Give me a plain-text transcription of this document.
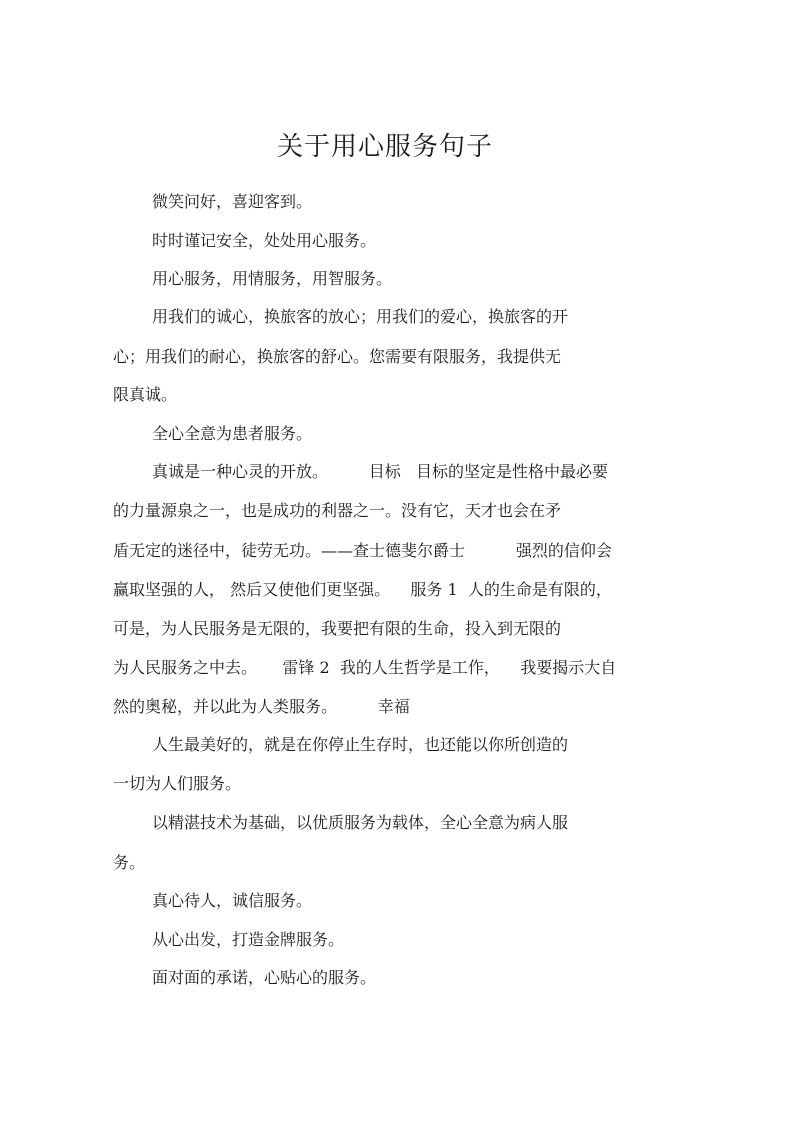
关于用心服务句子
微笑问好，喜迎客到。
时时谨记安全，处处用心服务。
用心服务，用情服务，用智服务。
用我们的诚心，换旅客的放心；用我们的爱心，换旅客的开
心；用我们的耐心，换旅客的舒心。您需要有限服务，我提供无
限真诚。
全心全意为患者服务。
真诚是一种心灵的开放。        目标   目标的坚定是性格中最必要
的力量源泉之一，也是成功的利器之一。没有它，天才也会在矛
盾无定的迷径中，徒劳无功。——查士德斐尔爵士          强烈的信仰会
赢取坚强的人， 然后又使他们更坚强。    服务 1  人的生命是有限的，
可是，为人民服务是无限的，我要把有限的生命，投入到无限的
为人民服务之中去。     雷锋 2  我的人生哲学是工作，    我要揭示大自
然的奥秘，并以此为人类服务。        幸福
人生最美好的，就是在你停止生存时，也还能以你所创造的
一切为人们服务。
以精湛技术为基础，以优质服务为载体，全心全意为病人服
务。
真心待人，诚信服务。
从心出发，打造金牌服务。
面对面的承诺，心贴心的服务。
